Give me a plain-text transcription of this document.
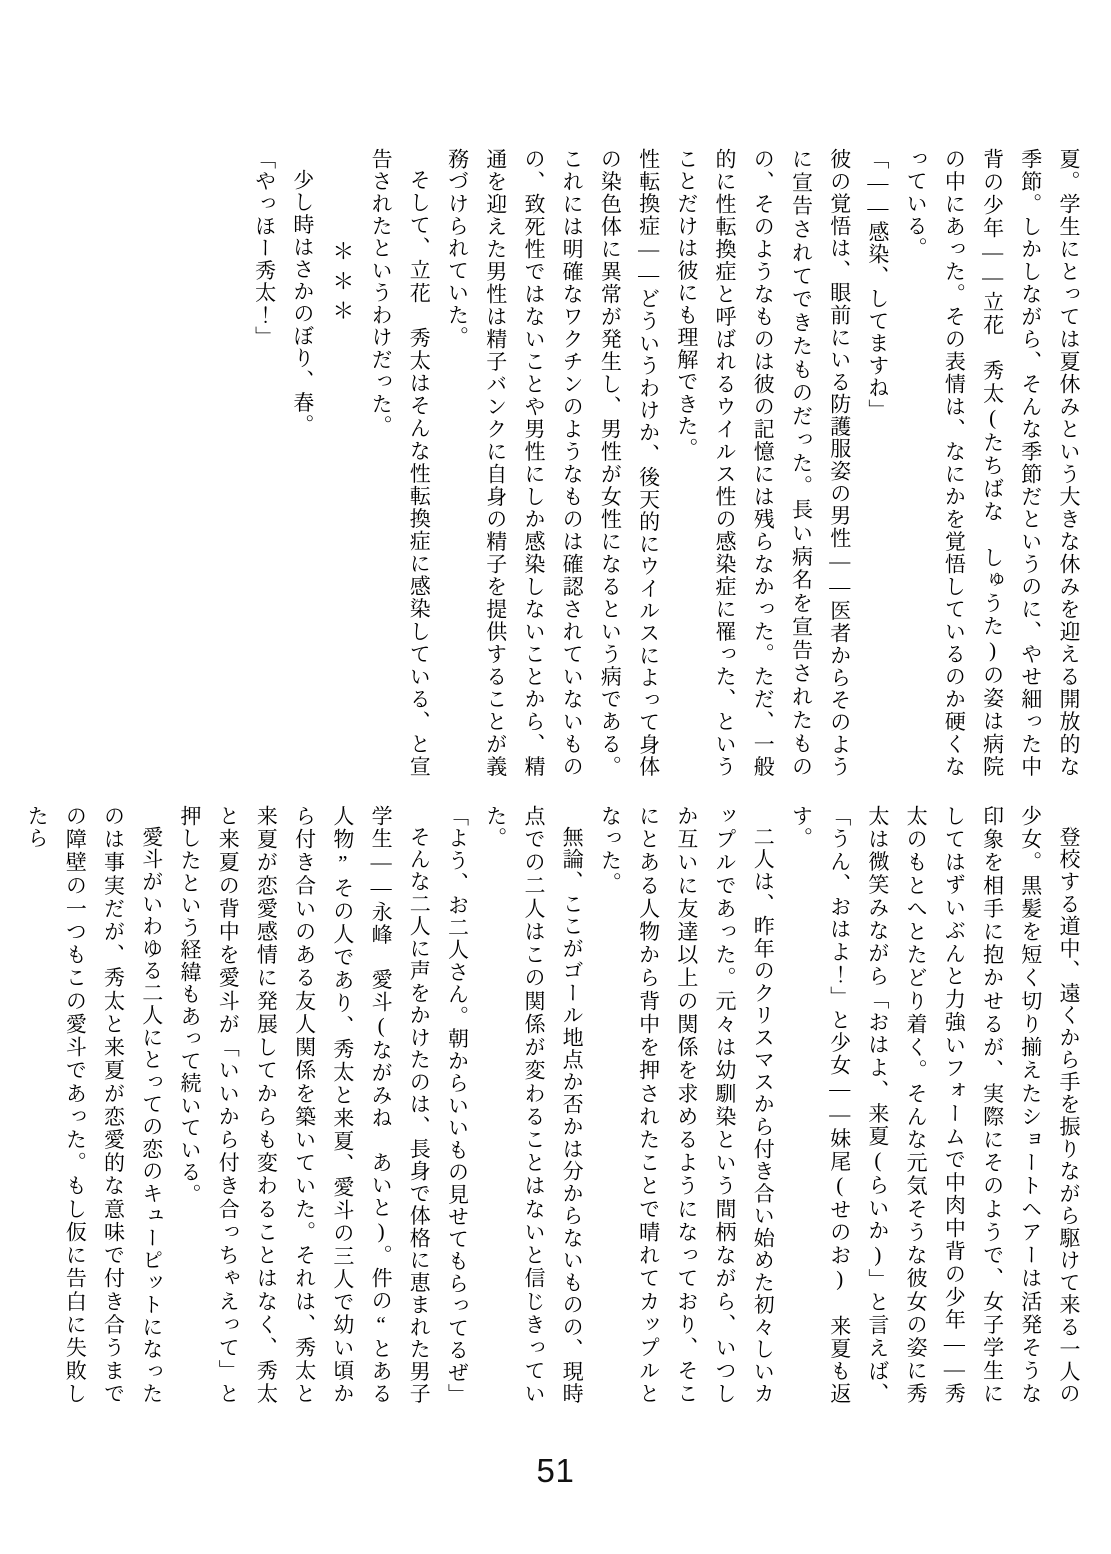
夏。学生にとっては夏休みという大きな休みを迎える開放的な季節。しかしながら、そんな季節だというのに、やせ細った中背の少年――立花　秀太(たちばな　しゅうた)の姿は病院の中にあった。その表情は、なにかを覚悟しているのか硬くなっている。

「――感染、してますね」

彼の覚悟は、眼前にいる防護服姿の男性――医者からそのように宣告されてできたものだった。長い病名を宣告されたものの、そのようなものは彼の記憶には残らなかった。ただ、一般的に性転換症と呼ばれるウイルス性の感染症に罹った、ということだけは彼にも理解できた。

性転換症――どういうわけか、後天的にウイルスによって身体の染色体に異常が発生し、男性が女性になるという病である。これには明確なワクチンのようなものは確認されていないものの、致死性ではないことや男性にしか感染しないことから、精通を迎えた男性は精子バンクに自身の精子を提供することが義務づけられていた。

そして、立花　秀太はそんな性転換症に感染している、と宣告されたというわけだった。

＊＊＊

少し時はさかのぼり、春。

「やっほー秀太！」

登校する道中、遠くから手を振りながら駆けて来る一人の少女。黒髪を短く切り揃えたショートヘアーは活発そうな印象を相手に抱かせるが、実際にそのようで、女子学生にしてはずいぶんと力強いフォームで中肉中背の少年――秀太のもとへとたどり着く。そんな元気そうな彼女の姿に秀太は微笑みながら「おはよ、来夏(らいか)」と言えば、「うん、おはよ！」と少女――妹尾(せのお)　来夏も返す。

二人は、昨年のクリスマスから付き合い始めた初々しいカップルであった。元々は幼馴染という間柄ながら、いつしか互いに友達以上の関係を求めるようになっており、そこにとある人物から背中を押されたことで晴れてカップルとなった。

無論、ここがゴール地点か否かは分からないものの、現時点での二人はこの関係が変わることはないと信じきっていた。

「よう、お二人さん。朝からいいもの見せてもらってるぜ」

そんな二人に声をかけたのは、長身で体格に恵まれた男子学生――永峰　愛斗(ながみね　あいと)。件の“とある人物”その人であり、秀太と来夏、愛斗の三人で幼い頃から付き合いのある友人関係を築いていた。それは、秀太と来夏が恋愛感情に発展してからも変わることはなく、秀太と来夏の背中を愛斗が「いいから付き合っちゃえって」と押したという経緯もあって続いている。

愛斗がいわゆる二人にとっての恋のキューピットになったのは事実だが、秀太と来夏が恋愛的な意味で付き合うまでの障壁の一つもこの愛斗であった。もし仮に告白に失敗したら

51
